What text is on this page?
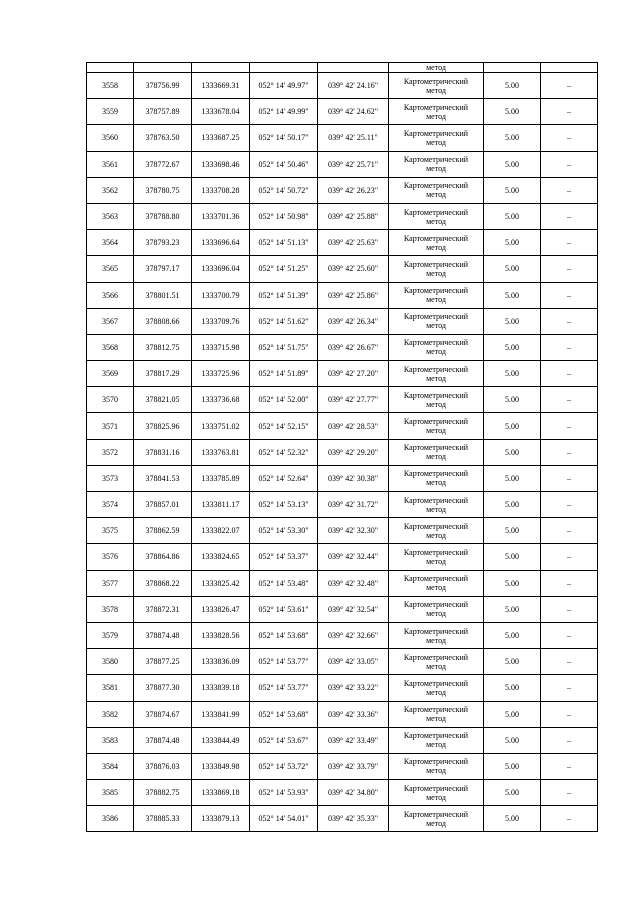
					метод		
3558	378756.99	1333669.31	052° 14' 49.97"	039° 42' 24.16"	Картометрический
метод	5.00	–
3559	378757.89	1333678.04	052° 14' 49.99"	039° 42' 24.62"	Картометрический
метод	5.00	–
3560	378763.50	1333687.25	052° 14' 50.17"	039° 42' 25.11"	Картометрический
метод	5.00	–
3561	378772.67	1333698.46	052° 14' 50.46"	039° 42' 25.71"	Картометрический
метод	5.00	–
3562	378780.75	1333708.28	052° 14' 50.72"	039° 42' 26.23"	Картометрический
метод	5.00	–
3563	378788.80	1333701.36	052° 14' 50.98"	039° 42' 25.88"	Картометрический
метод	5.00	–
3564	378793.23	1333696.64	052° 14' 51.13"	039° 42' 25.63"	Картометрический
метод	5.00	–
3565	378797.17	1333696.04	052° 14' 51.25"	039° 42' 25.60"	Картометрический
метод	5.00	–
3566	378801.51	1333700.79	052° 14' 51.39"	039° 42' 25.86"	Картометрический
метод	5.00	–
3567	378808.66	1333709.76	052° 14' 51.62"	039° 42' 26.34"	Картометрический
метод	5.00	–
3568	378812.75	1333715.98	052° 14' 51.75"	039° 42' 26.67"	Картометрический
метод	5.00	–
3569	378817.29	1333725.96	052° 14' 51.89"	039° 42' 27.20"	Картометрический
метод	5.00	–
3570	378821.05	1333736.68	052° 14' 52.00"	039° 42' 27.77"	Картометрический
метод	5.00	–
3571	378825.96	1333751.02	052° 14' 52.15"	039° 42' 28.53"	Картометрический
метод	5.00	–
3572	378831.16	1333763.81	052° 14' 52.32"	039° 42' 29.20"	Картометрический
метод	5.00	–
3573	378841.53	1333785.89	052° 14' 52.64"	039° 42' 30.38"	Картометрический
метод	5.00	–
3574	378857.01	1333811.17	052° 14' 53.13"	039° 42' 31.72"	Картометрический
метод	5.00	–
3575	378862.59	1333822.07	052° 14' 53.30"	039° 42' 32.30"	Картометрический
метод	5.00	–
3576	378864.86	1333824.65	052° 14' 53.37"	039° 42' 32.44"	Картометрический
метод	5.00	–
3577	378868.22	1333825.42	052° 14' 53.48"	039° 42' 32.48"	Картометрический
метод	5.00	–
3578	378872.31	1333826.47	052° 14' 53.61"	039° 42' 32.54"	Картометрический
метод	5.00	–
3579	378874.48	1333828.56	052° 14' 53.68"	039° 42' 32.66"	Картометрический
метод	5.00	–
3580	378877.25	1333836.09	052° 14' 53.77"	039° 42' 33.05"	Картометрический
метод	5.00	–
3581	378877.30	1333839.18	052° 14' 53.77"	039° 42' 33.22"	Картометрический
метод	5.00	–
3582	378874.67	1333841.99	052° 14' 53.68"	039° 42' 33.36"	Картометрический
метод	5.00	–
3583	378874.48	1333844.49	052° 14' 53.67"	039° 42' 33.49"	Картометрический
метод	5.00	–
3584	378876.03	1333849.98	052° 14' 53.72"	039° 42' 33.79"	Картометрический
метод	5.00	–
3585	378882.75	1333869.18	052° 14' 53.93"	039° 42' 34.80"	Картометрический
метод	5.00	–
3586	378885.33	1333879.13	052° 14' 54.01"	039° 42' 35.33"	Картометрический
метод	5.00	–
